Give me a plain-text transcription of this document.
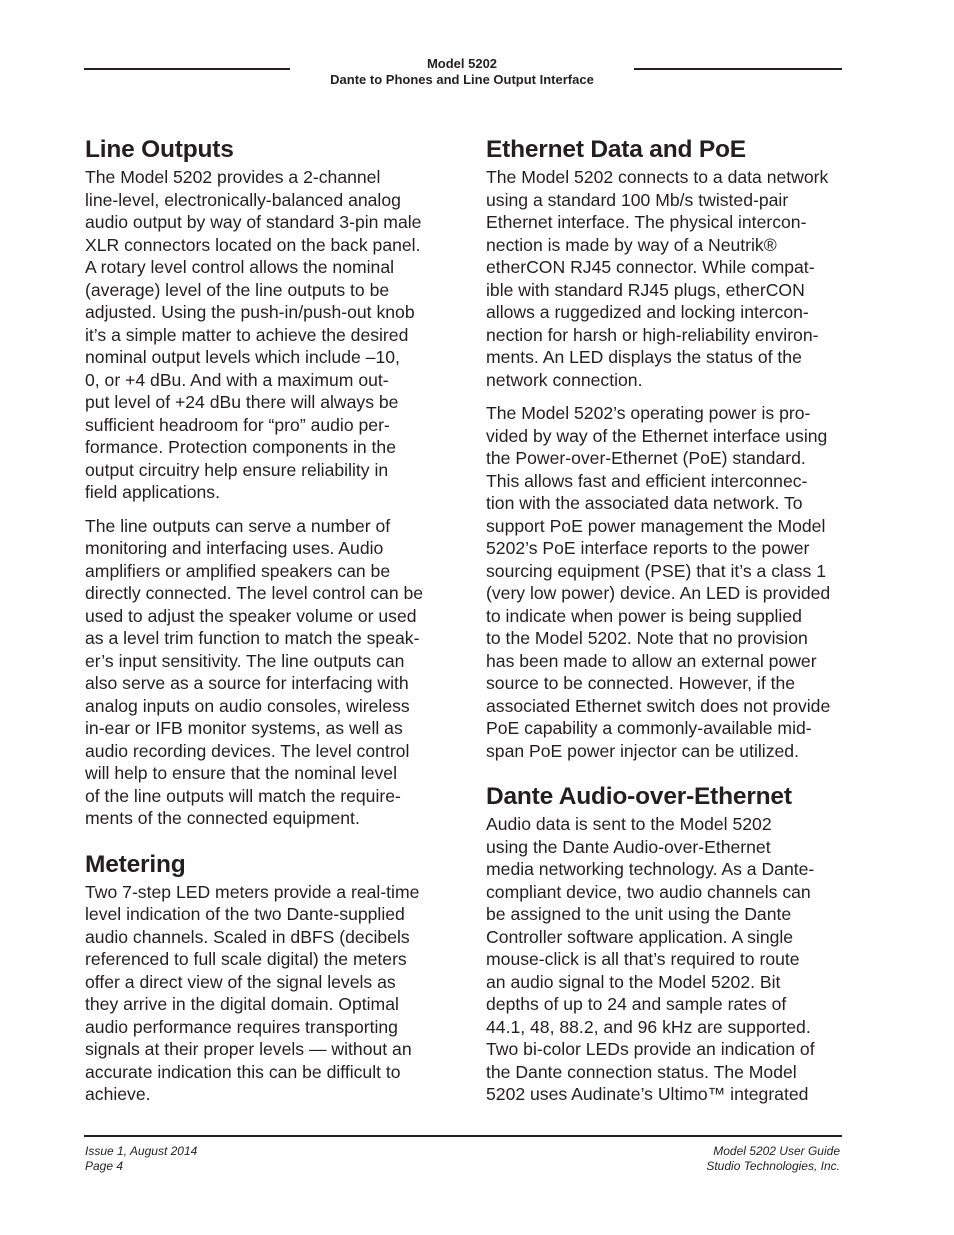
Model 5202
Dante to Phones and Line Output Interface
Line Outputs

The Model 5202 provides a 2-channel
line-level, electronically-balanced analog
audio output by way of standard 3-pin male
XLR connectors located on the back panel.
A rotary level control allows the nominal
(average) level of the line outputs to be
adjusted. Using the push-in/push-out knob
it’s a simple matter to achieve the desired
nominal output levels which include –10,
0, or +4 dBu. And with a maximum out-
put level of +24 dBu there will always be
sufficient headroom for “pro” audio per-
formance. Protection components in the
output circuitry help ensure reliability in
field applications.

The line outputs can serve a number of
monitoring and interfacing uses. Audio
amplifiers or amplified speakers can be
directly connected. The level control can be
used to adjust the speaker volume or used
as a level trim function to match the speak-
er’s input sensitivity. The line outputs can
also serve as a source for interfacing with
analog inputs on audio consoles, wireless
in-ear or IFB monitor systems, as well as
audio recording devices. The level control
will help to ensure that the nominal level
of the line outputs will match the require-
ments of the connected equipment.

Metering

Two 7-step LED meters provide a real-time
level indication of the two Dante-supplied
audio channels. Scaled in dBFS (decibels
referenced to full scale digital) the meters
offer a direct view of the signal levels as
they arrive in the digital domain. Optimal
audio performance requires transporting
signals at their proper levels — without an
accurate indication this can be difficult to
achieve.

Ethernet Data and PoE

The Model 5202 connects to a data network
using a standard 100 Mb/s twisted-pair
Ethernet interface. The physical intercon-
nection is made by way of a Neutrik®
etherCON RJ45 connector. While compat-
ible with standard RJ45 plugs, etherCON
allows a ruggedized and locking intercon-
nection for harsh or high-reliability environ-
ments. An LED displays the status of the
network connection.

The Model 5202’s operating power is pro-
vided by way of the Ethernet interface using
the Power-over-Ethernet (PoE) standard.
This allows fast and efficient interconnec-
tion with the associated data network. To
support PoE power management the Model
5202’s PoE interface reports to the power
sourcing equipment (PSE) that it’s a class 1
(very low power) device. An LED is provided
to indicate when power is being supplied
to the Model 5202. Note that no provision
has been made to allow an external power
source to be connected. However, if the
associated Ethernet switch does not provide
PoE capability a commonly-available mid-
span PoE power injector can be utilized.

Dante Audio-over-Ethernet

Audio data is sent to the Model 5202
using the Dante Audio-over-Ethernet
media networking technology. As a Dante-
compliant device, two audio channels can
be assigned to the unit using the Dante
Controller software application. A single
mouse-click is all that’s required to route
an audio signal to the Model 5202. Bit
depths of up to 24 and sample rates of
44.1, 48, 88.2, and 96 kHz are supported.
Two bi-color LEDs provide an indication of
the Dante connection status. The Model
5202 uses Audinate’s Ultimo™ integrated

Issue 1, August 2014
Page 4
Model 5202 User Guide
Studio Technologies, Inc.
